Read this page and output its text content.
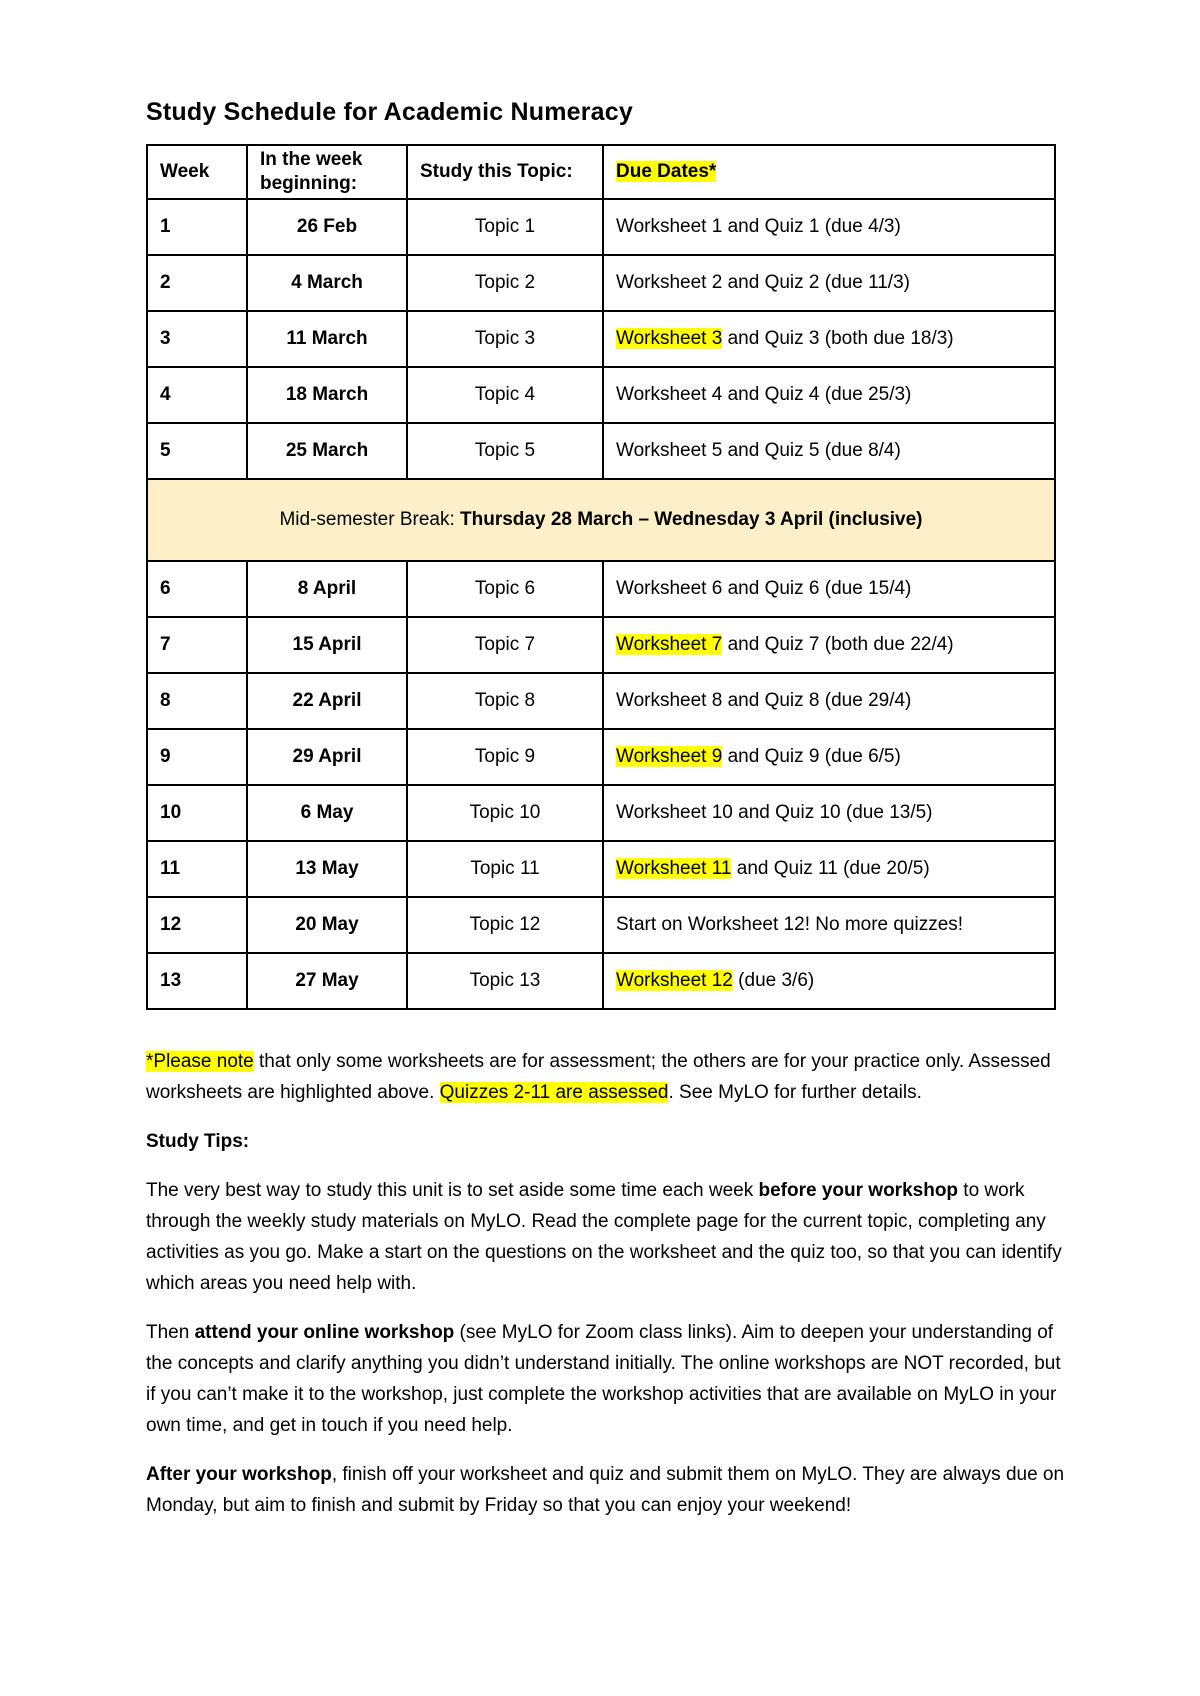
Study Schedule for Academic Numeracy
Week	In the week beginning:	Study this Topic:	Due Dates*
1	26 Feb	Topic 1	Worksheet 1 and Quiz 1 (due 4/3)
2	4 March	Topic 2	Worksheet 2 and Quiz 2 (due 11/3)
3	11 March	Topic 3	Worksheet 3 and Quiz 3 (both due 18/3)
4	18 March	Topic 4	Worksheet 4 and Quiz 4 (due 25/3)
5	25 March	Topic 5	Worksheet 5 and Quiz 5 (due 8/4)
Mid-semester Break: Thursday 28 March – Wednesday 3 April (inclusive)			
6	8 April	Topic 6	Worksheet 6 and Quiz 6 (due 15/4)
7	15 April	Topic 7	Worksheet 7 and Quiz 7 (both due 22/4)
8	22 April	Topic 8	Worksheet 8 and Quiz 8 (due 29/4)
9	29 April	Topic 9	Worksheet 9 and Quiz 9 (due 6/5)
10	6 May	Topic 10	Worksheet 10 and Quiz 10 (due 13/5)
11	13 May	Topic 11	Worksheet 11 and Quiz 11 (due 20/5)
12	20 May	Topic 12	Start on Worksheet 12! No more quizzes!
13	27 May	Topic 13	Worksheet 12 (due 3/6)

*Please note that only some worksheets are for assessment; the others are for your practice only. Assessed worksheets are highlighted above. Quizzes 2-11 are assessed. See MyLO for further details.

Study Tips:

The very best way to study this unit is to set aside some time each week before your workshop to work through the weekly study materials on MyLO. Read the complete page for the current topic, completing any activities as you go. Make a start on the questions on the worksheet and the quiz too, so that you can identify which areas you need help with.

Then attend your online workshop (see MyLO for Zoom class links). Aim to deepen your understanding of the concepts and clarify anything you didn’t understand initially. The online workshops are NOT recorded, but if you can’t make it to the workshop, just complete the workshop activities that are available on MyLO in your own time, and get in touch if you need help.

After your workshop, finish off your worksheet and quiz and submit them on MyLO. They are always due on Monday, but aim to finish and submit by Friday so that you can enjoy your weekend!
